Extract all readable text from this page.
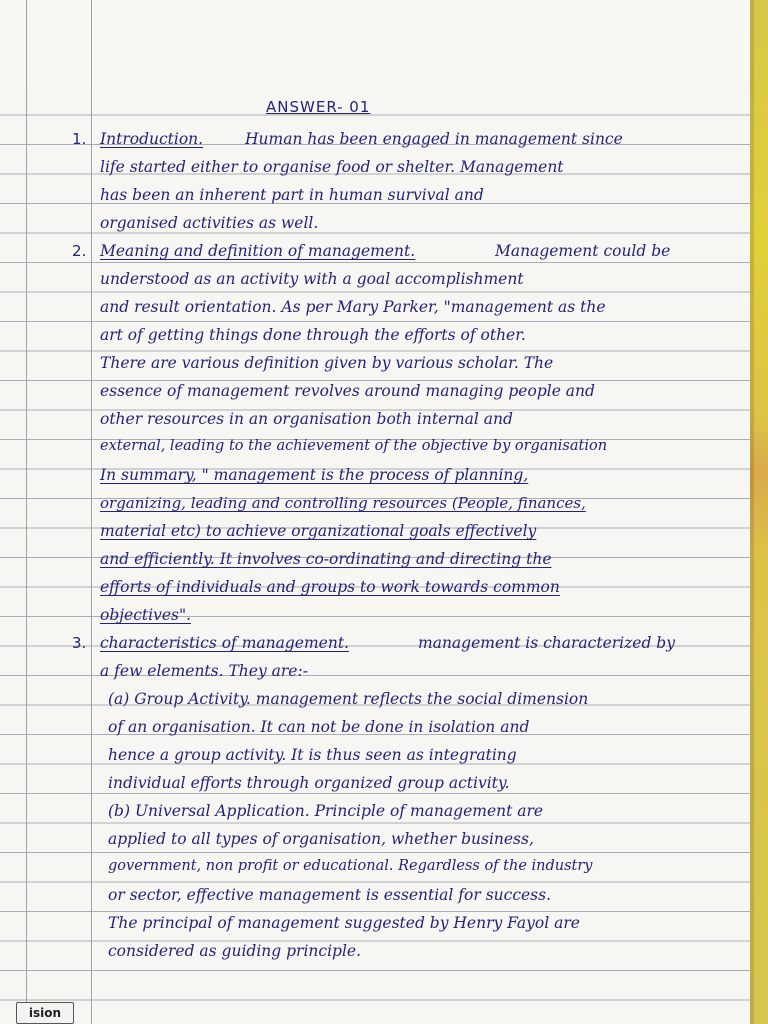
ANSWER- 01
1. Introduction.	Human has been engaged in management since
life started either to organise food or shelter. Management
has been an inherent part in human survival and
organised activities as well.
2. Meaning and definition of management.	Management could be
understood as an activity with a goal accomplishment
and result orientation. As per Mary Parker, "management as the
art of getting things done through the efforts of other.
There are various definition given by various scholar. The
essence of management revolves around managing people and
other resources in an organisation both internal and
external, leading to the achievement of the objective by organisation
In summary, " management is the process of planning,
organizing, leading and controlling resources (People, finances,
material etc) to achieve organizational goals effectively
and efficiently. It involves co-ordinating and directing the
efforts of individuals and groups to work towards common
objectives".
3. characteristics of management.	management is characterized by
a few elements. They are:-
(a) Group Activity. management reflects the social dimension
of an organisation. It can not be done in isolation and
hence a group activity. It is thus seen as integrating
individual efforts through organized group activity.
(b) Universal Application. Principle of management are
applied to all types of organisation, whether business,
government, non profit or educational. Regardless of the industry
or sector, effective management is essential for success.
The principal of management suggested by Henry Fayol are
considered as guiding principle.
ision
